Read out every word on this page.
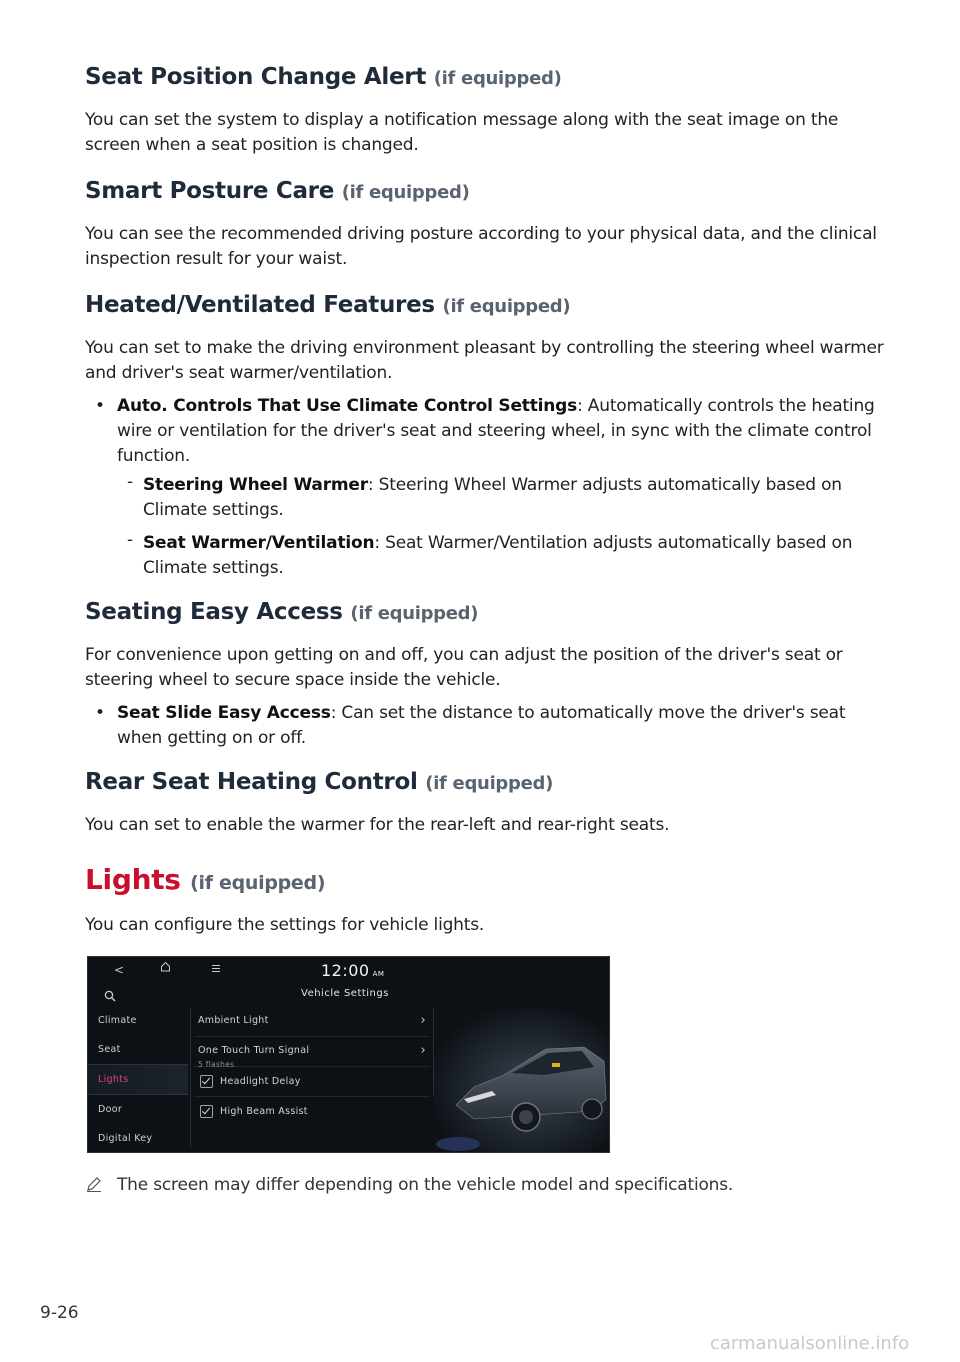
Seat Position Change Alert (if equipped)

You can set the system to display a notification message along with the seat image on the screen when a seat position is changed.

Smart Posture Care (if equipped)

You can see the recommended driving posture according to your physical data, and the clinical inspection result for your waist.

Heated/Ventilated Features (if equipped)

You can set to make the driving environment pleasant by controlling the steering wheel warmer and driver's seat warmer/ventilation.

• Auto. Controls That Use Climate Control Settings: Automatically controls the heating wire or ventilation for the driver's seat and steering wheel, in sync with the climate control function.
- Steering Wheel Warmer: Steering Wheel Warmer adjusts automatically based on Climate settings.
- Seat Warmer/Ventilation: Seat Warmer/Ventilation adjusts automatically based on Climate settings.
Seating Easy Access (if equipped)

For convenience upon getting on and off, you can adjust the position of the driver's seat or steering wheel to secure space inside the vehicle.

• Seat Slide Easy Access: Can set the distance to automatically move the driver's seat when getting on or off.
Rear Seat Heating Control (if equipped)

You can set to enable the warmer for the rear-left and rear-right seats.

Lights (if equipped)

You can configure the settings for vehicle lights.

<	12:00 AM
Vehicle Settings
Climate
Seat
Lights
Door
Digital Key
Ambient Light	›
One Touch Turn Signal
5 flashes
›
Headlight Delay
High Beam Assist
The screen may differ depending on the vehicle model and specifications.
9-26
carmanualsonline.info
